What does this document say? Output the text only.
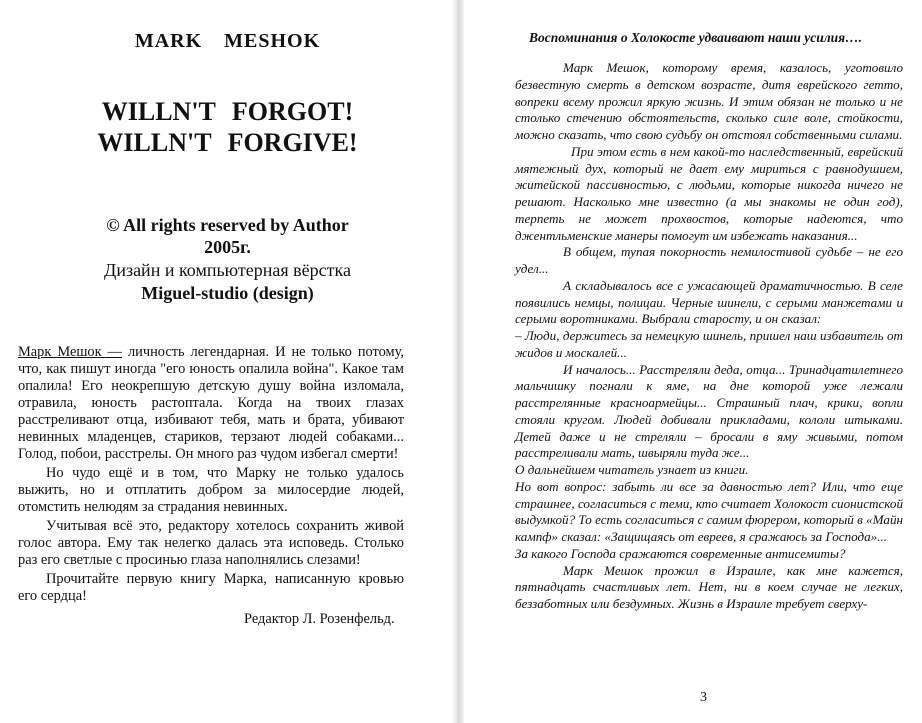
MARK MESHOK

WILLN'T FORGOT!
WILLN'T FORGIVE!
© All rights reserved by Author
2005г.
Дизайн и компьютерная вёрстка
Miguel-studio (design)

Марк Мешок — личность легендарная. И не только потому, что, как пишут иногда "его юность опалила война". Какое там опалила! Его неокрепшую детскую душу война изломала, отравила, юность растоптала. Когда на твоих глазах расстреливают отца, избивают тебя, мать и брата, убивают невинных младенцев, стариков, терзают людей собаками... Голод, побои, расстрелы. Он много раз чудом избегал смерти!

Но чудо ещё и в том, что Марку не только удалось выжить, но и отплатить добром за милосердие людей, отомстить нелюдям за страдания невинных.

Учитывая всё это, редактору хотелось сохранить живой голос автора. Ему так нелегко далась эта исповедь. Столько раз его светлые с просинью глаза наполнялись слезами!

Прочитайте первую книгу Марка, написанную кровью его сердца!

Редактор Л. Розенфельд.

Воспоминания о Холокосте удваивают наши усилия….

Марк Мешок, которому время, казалось, уготовило безвестную смерть в детском возрасте, дитя еврейского гетто, вопреки всему прожил яркую жизнь. И этим обязан не только и не столько стечению обстоятельств, сколько силе воле, стойкости, можно сказать, что свою судьбу он отстоял собственными силами.

При этом есть в нем какой-то наследственный, еврейский мятежный дух, который не дает ему мириться с равнодушием, житейской пассивностью, с людьми, которые никогда ничего не решают. Насколько мне известно (а мы знакомы не один год), терпеть не может прохвостов, которые надеются, что джентльменские манеры помогут им избежать наказания...

В общем, тупая покорность немилостивой судьбе – не его удел...

А складывалось все с ужасающей драматичностью. В селе появились немцы, полицаи. Черные шинели, с серыми манжетами и серыми воротниками. Выбрали старосту, и он сказал:

– Люди, держитесь за немецкую шинель, пришел наш избавитель от жидов и москалей...

И началось... Расстреляли деда, отца... Тринадцатилетнего мальчишку погнали к яме, на дне которой уже лежали расстрелянные красноармейцы... Страшный плач, крики, вопли стояли кругом. Людей добивали прикладами, кололи штыками. Детей даже и не стреляли – бросали в яму живыми, потом расстреливали мать, швыряли туда же...

О дальнейшем читатель узнает из книги.

Но вот вопрос: забыть ли все за давностью лет? Или, что еще страшнее, согласиться с теми, кто считает Холокост сионистской выдумкой? То есть согласиться с самим фюрером, который в «Майн кампф» сказал: «Защищаясь от евреев, я сражаюсь за Господа»...

За какого Господа сражаются современные антисемиты?

Марк Мешок прожил в Израиле, как мне кажется, пятнадцать счастливых лет. Нет, ни в коем случае не легких, беззаботных или бездумных. Жизнь в Израиле требует сверху-

3
